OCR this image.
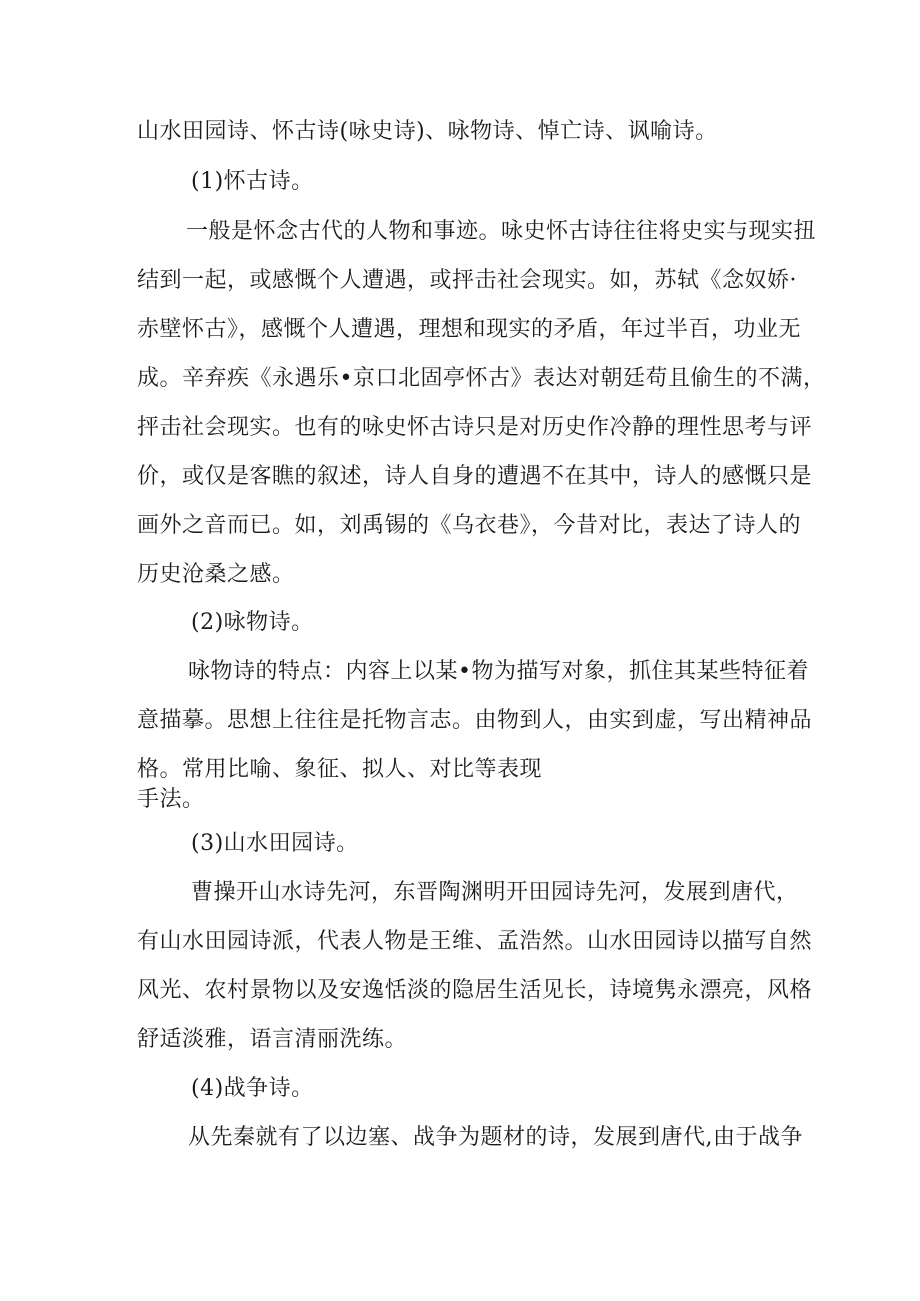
山水田园诗、怀古诗(咏史诗)、咏物诗、悼亡诗、讽喻诗。
(1)怀古诗。
一般是怀念古代的人物和事迹。咏史怀古诗往往将史实与现实扭
结到一起，或感慨个人遭遇，或抨击社会现实。如，苏轼《念奴娇·
赤壁怀古》，感慨个人遭遇，理想和现实的矛盾，年过半百，功业无
成。辛弃疾《永遇乐•京口北固亭怀古》表达对朝廷苟且偷生的不满，
抨击社会现实。也有的咏史怀古诗只是对历史作冷静的理性思考与评
价，或仅是客瞧的叙述，诗人自身的遭遇不在其中，诗人的感慨只是
画外之音而已。如，刘禹锡的《乌衣巷》，今昔对比，表达了诗人的
历史沧桑之感。
(2)咏物诗。
咏物诗的特点：内容上以某•物为描写对象，抓住其某些特征着
意描摹。思想上往往是托物言志。由物到人，由实到虚，写出精神品
格。常用比喻、象征、拟人、对比等表现
手法。
(3)山水田园诗。
曹操开山水诗先河，东晋陶渊明开田园诗先河，发展到唐代，
有山水田园诗派，代表人物是王维、孟浩然。山水田园诗以描写自然
风光、农村景物以及安逸恬淡的隐居生活见长，诗境隽永漂亮，风格
舒适淡雅，语言清丽洗练。
(4)战争诗。
从先秦就有了以边塞、战争为题材的诗，发展到唐代,由于战争
